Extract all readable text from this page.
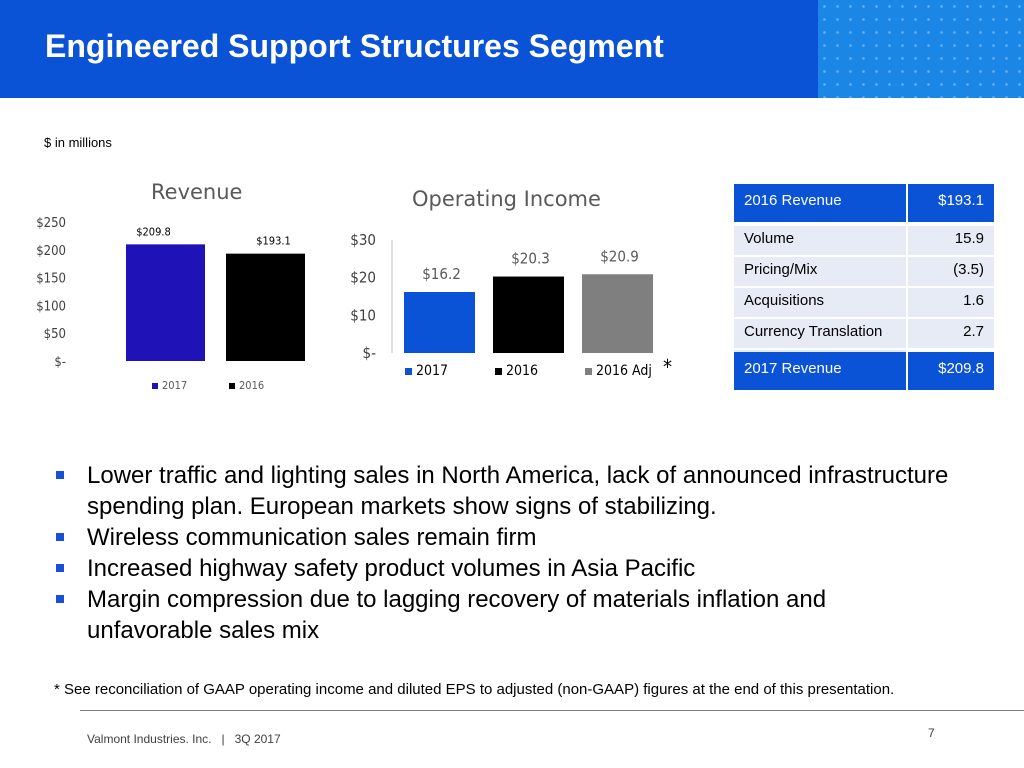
Engineered Support Structures Segment
$ in millions
Revenue	Operating Income
$-
$50
$100
$150
$200
$250
$209.8
$193.1
2017	2016
$-
$10
$20
$30
$16.2
$20.3	$20.9
2017	2016	2016 Adj *
2016 Revenue	$193.1
Volume	15.9
Pricing/Mix	(3.5)
Acquisitions	1.6
Currency Translation	2.7
2017 Revenue	$209.8
Lower traffic and lighting sales in North America, lack of announced infrastructure spending plan. European markets show signs of stabilizing.
Wireless communication sales remain firm
Increased highway safety product volumes in Asia Pacific
Margin compression due to lagging recovery of materials inflation and unfavorable sales mix
* See reconciliation of GAAP operating income and diluted EPS to adjusted (non-GAAP) figures at the end of this presentation.
Valmont Industries. Inc.   |   3Q 2017	7
